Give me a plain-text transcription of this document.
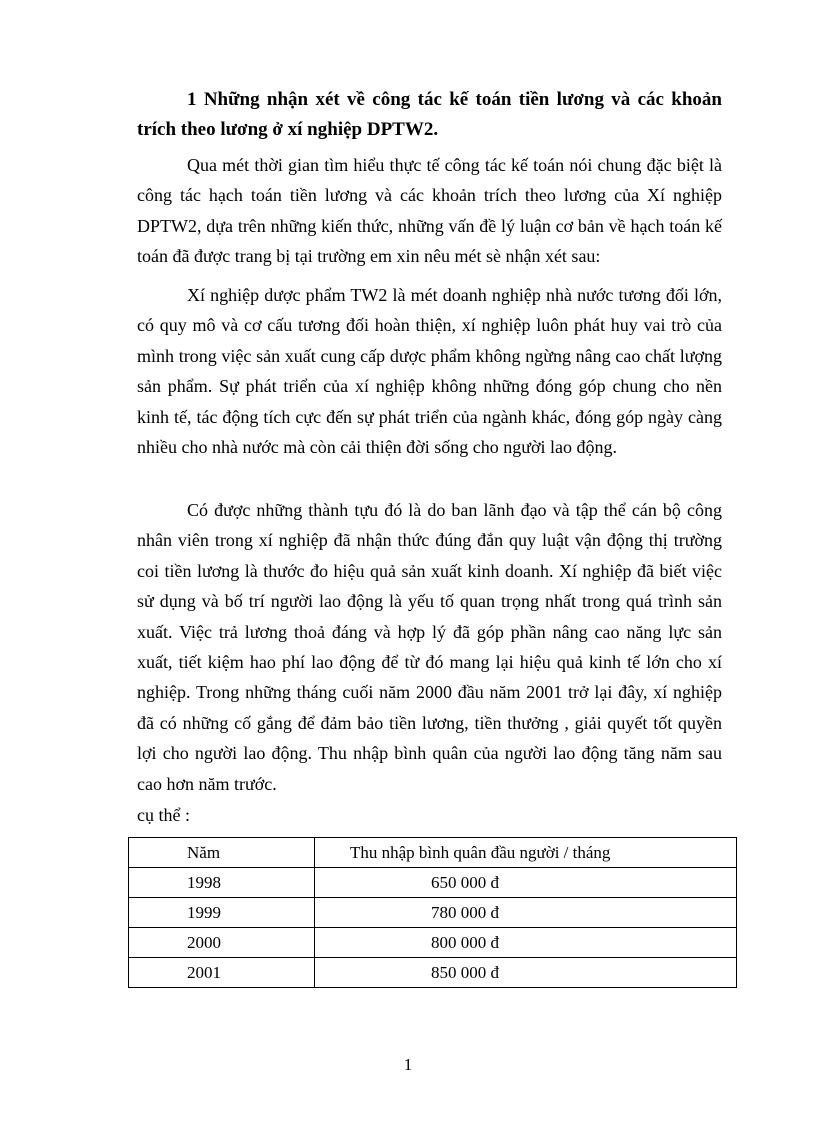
1 Những nhận xét về công tác kế toán tiền lương và các khoản trích theo lương ở xí nghiệp DPTW2.

Qua mét thời gian tìm hiểu thực tế công tác kế toán nói chung đặc biệt là công tác hạch toán tiền lương và các khoản trích theo lương của Xí nghiệp DPTW2, dựa trên những kiến thức, những vấn đề lý luận cơ bản về hạch toán kế toán đã được trang bị tại trường em xin nêu mét sè nhận xét sau:

Xí nghiệp dược phẩm TW2 là mét doanh nghiệp nhà nước tương đối lớn, có quy mô và cơ cấu tương đối hoàn thiện, xí nghiệp luôn phát huy vai trò của mình trong việc sản xuất cung cấp dược phẩm không ngừng nâng cao chất lượng sản phẩm. Sự phát triển của xí nghiệp không những đóng góp chung cho nền kinh tế, tác động tích cực đến sự phát triển của ngành khác, đóng góp ngày càng nhiều cho nhà nước mà còn cải thiện đời sống cho người lao động.

Có được những thành tựu đó là do ban lãnh đạo và tập thể cán bộ công nhân viên trong xí nghiệp đã nhận thức đúng đắn quy luật vận động thị trường coi tiền lương là thước đo hiệu quả sản xuất kinh doanh. Xí nghiệp đã biết việc sử dụng và bố trí người lao động là yếu tố quan trọng nhất trong quá trình sản xuất. Việc trả lương thoả đáng và hợp lý đã góp phần nâng cao năng lực sản xuất, tiết kiệm hao phí lao động để từ đó mang lại hiệu quả kinh tế lớn cho xí nghiệp. Trong những tháng cuối năm 2000 đầu năm 2001 trở lại đây, xí nghiệp đã có những cố gắng để đảm bảo tiền lương, tiền thưởng , giải quyết tốt quyền lợi cho người lao động. Thu nhập bình quân của người lao động tăng năm sau cao hơn năm trước.

cụ thể :

Năm	Thu nhập bình quân đầu người / tháng
1998	650 000 đ
1999	780 000 đ
2000	800 000 đ
2001	850 000 đ

1
